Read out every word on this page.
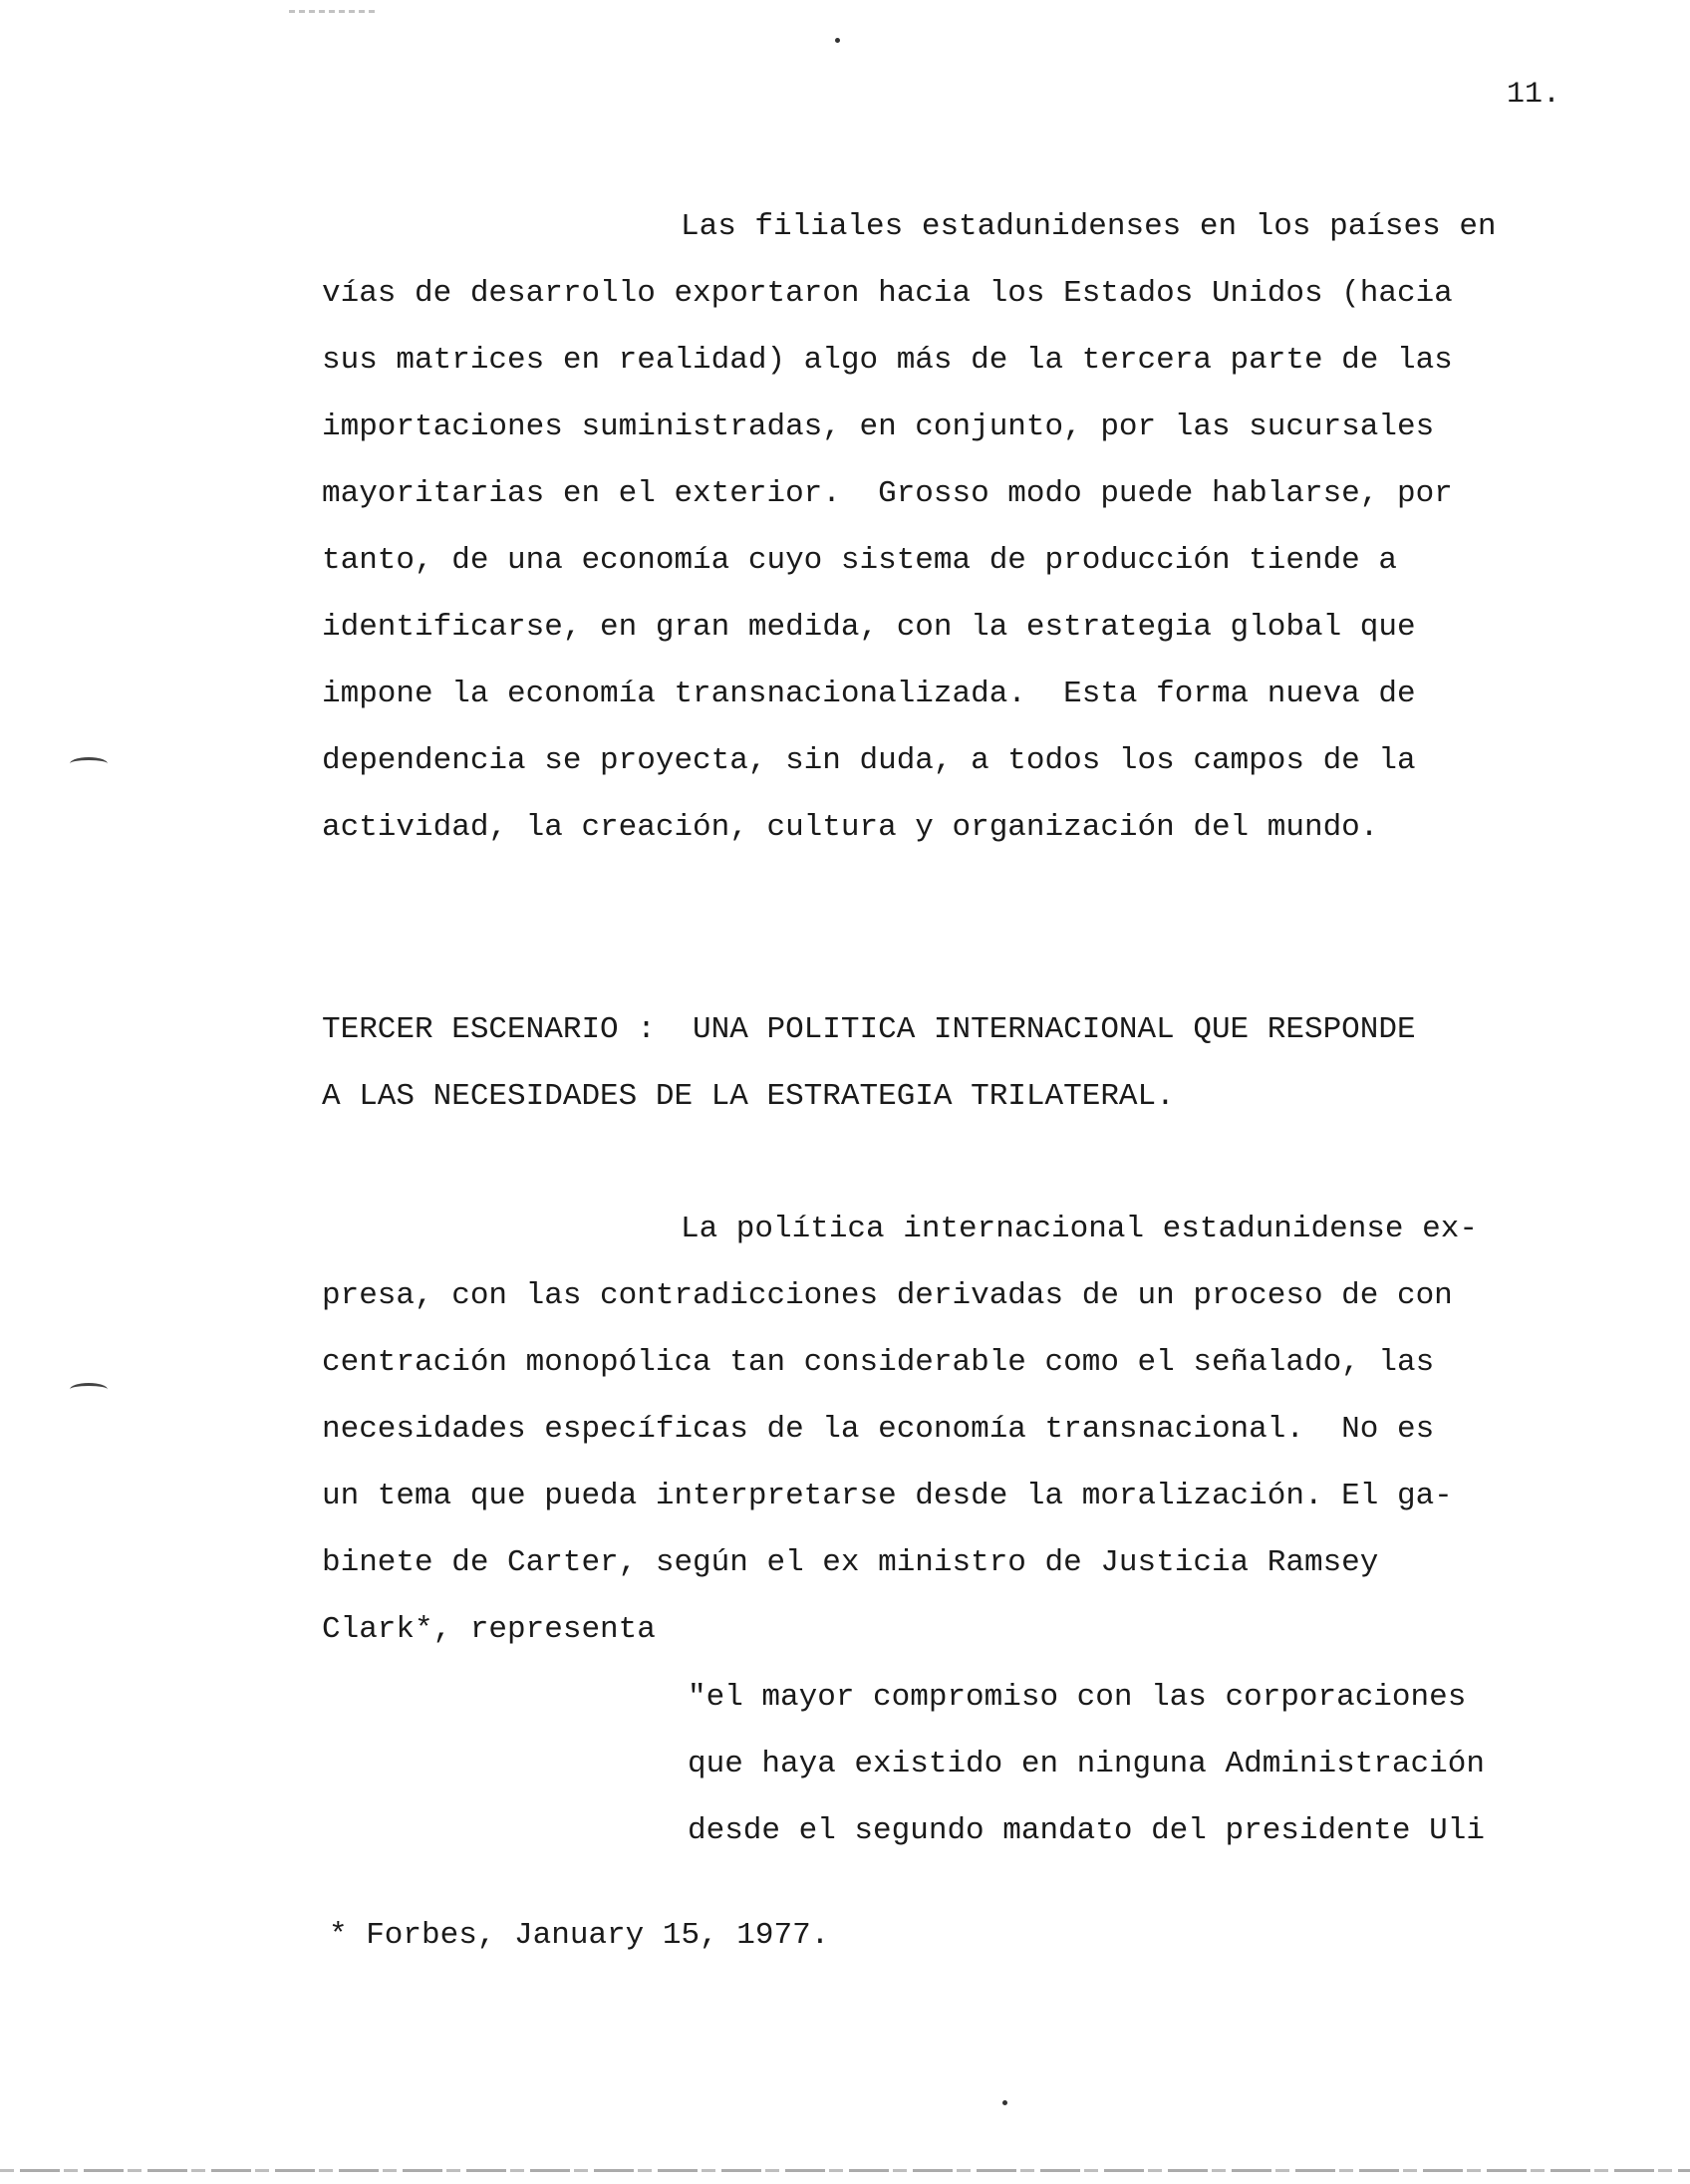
11.
Las filiales estadunidenses en los países en
vías de desarrollo exportaron hacia los Estados Unidos (hacia
sus matrices en realidad) algo más de la tercera parte de las
importaciones suministradas, en conjunto, por las sucursales
mayoritarias en el exterior.  Grosso modo puede hablarse, por
tanto, de una economía cuyo sistema de producción tiende a
identificarse, en gran medida, con la estrategia global que
impone la economía transnacionalizada.  Esta forma nueva de
dependencia se proyecta, sin duda, a todos los campos de la
actividad, la creación, cultura y organización del mundo.
TERCER ESCENARIO :  UNA POLITICA INTERNACIONAL QUE RESPONDE
A LAS NECESIDADES DE LA ESTRATEGIA TRILATERAL.
La política internacional estadunidense ex-
presa, con las contradicciones derivadas de un proceso de con
centración monopólica tan considerable como el señalado, las
necesidades específicas de la economía transnacional.  No es
un tema que pueda interpretarse desde la moralización. El ga-
binete de Carter, según el ex ministro de Justicia Ramsey
Clark*, representa
"el mayor compromiso con las corporaciones
que haya existido en ninguna Administración
desde el segundo mandato del presidente Uli
* Forbes, January 15, 1977.
